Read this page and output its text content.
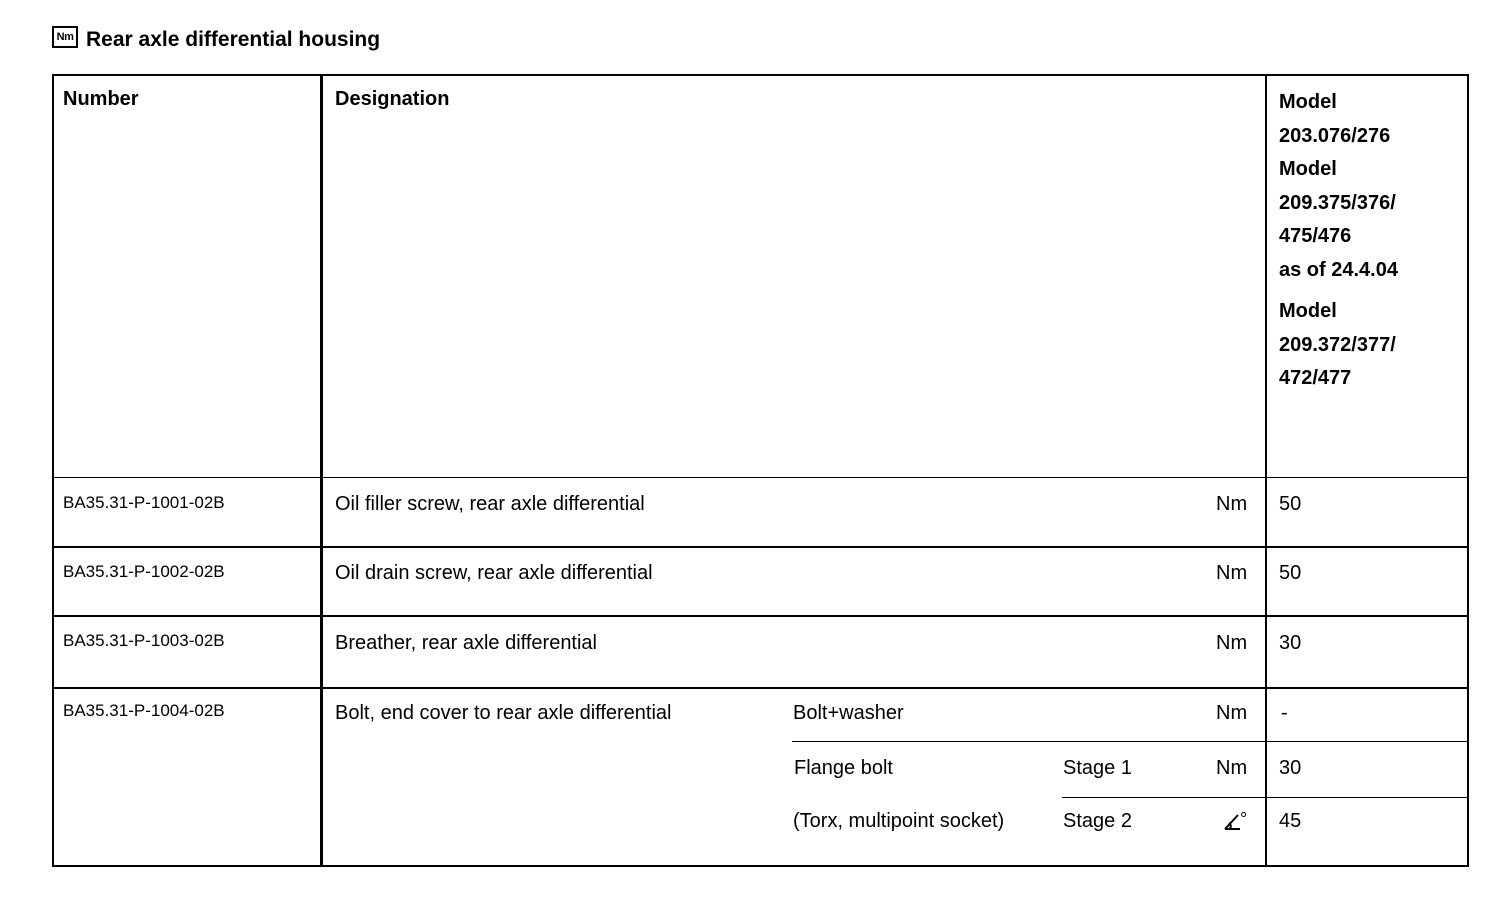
Nm Rear axle differential housing
Number	Designation	Model
203.076/276
Model
209.375/376/
475/476
as of 24.4.04
Model
209.372/377/
472/477
BA35.31-P-1001-02B	Oil filler screw, rear axle differential	Nm 50
BA35.31-P-1002-02B	Oil drain screw, rear axle differential	Nm 50
BA35.31-P-1003-02B	Breather, rear axle differential	Nm 30
BA35.31-P-1004-02B	Bolt, end cover to rear axle differential	Bolt+washer	Nm -
Flange bolt	Stage 1	Nm 30
(Torx, multipoint socket)	Stage 2	° 45
